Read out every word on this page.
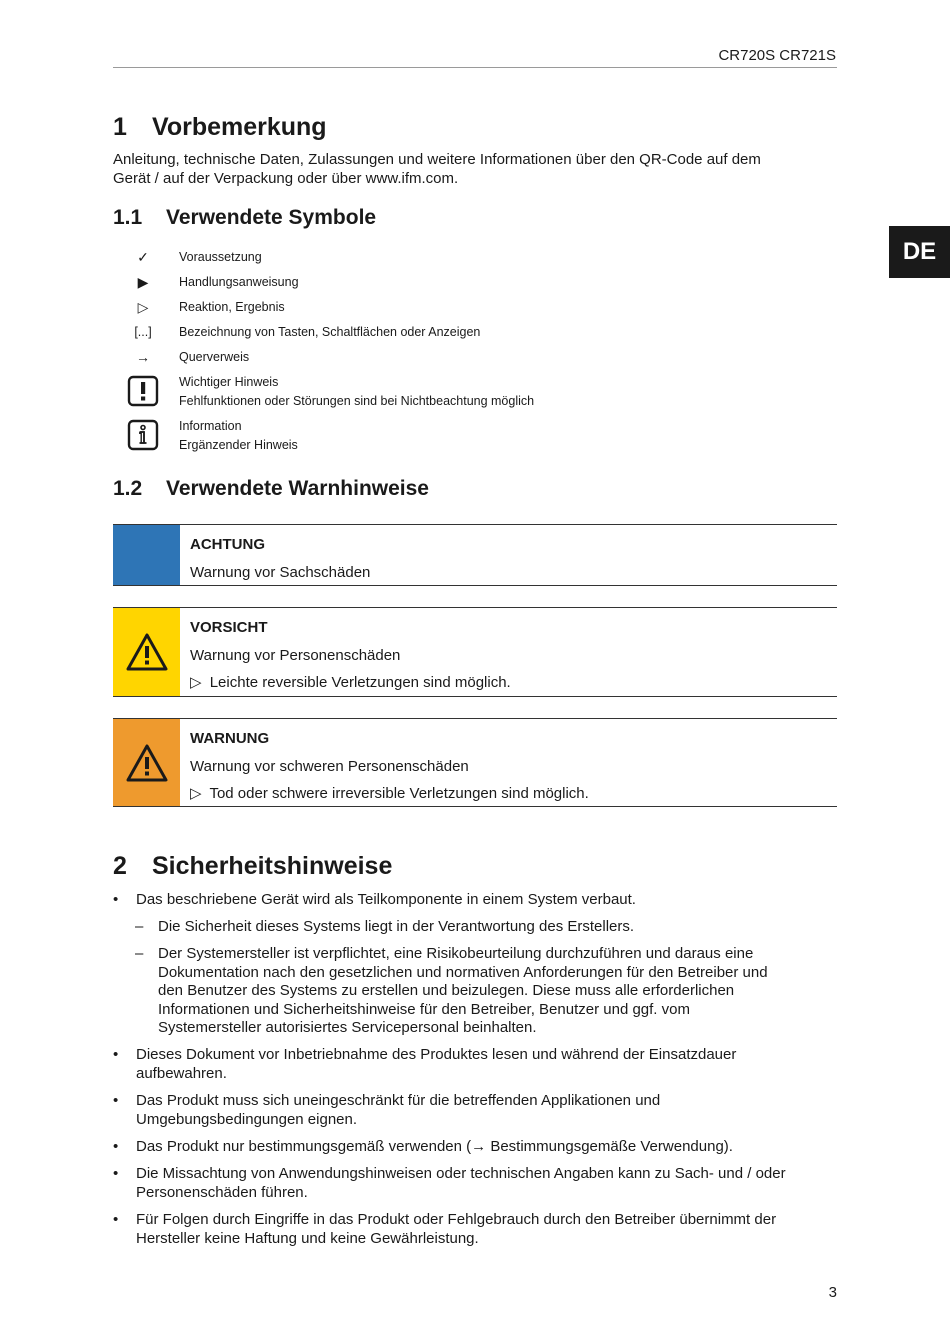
CR720S CR721S
DE
1 Vorbemerkung
Anleitung, technische Daten, Zulassungen und weitere Informationen über den QR-Code auf dem
Gerät / auf der Verpackung oder über www.ifm.com.
1.1 Verwendete Symbole
✓	Voraussetzung
▶	Handlungsanweisung
▷	Reaktion, Ergebnis
[...]	Bezeichnung von Tasten, Schaltflächen oder Anzeigen
→	Querverweis
Wichtiger Hinweis
Fehlfunktionen oder Störungen sind bei Nichtbeachtung möglich
Information
Ergänzender Hinweis
1.2 Verwendete Warnhinweise
ACHTUNG
Warnung vor Sachschäden
VORSICHT
Warnung vor Personenschäden
▷ Leichte reversible Verletzungen sind möglich.
WARNUNG
Warnung vor schweren Personenschäden
▷ Tod oder schwere irreversible Verletzungen sind möglich.
2 Sicherheitshinweise
•	Das beschriebene Gerät wird als Teilkomponente in einem System verbaut.
– Die Sicherheit dieses Systems liegt in der Verantwortung des Erstellers.
– Der Systemersteller ist verpflichtet, eine Risikobeurteilung durchzuführen und daraus eine
Dokumentation nach den gesetzlichen und normativen Anforderungen für den Betreiber und
den Benutzer des Systems zu erstellen und beizulegen. Diese muss alle erforderlichen
Informationen und Sicherheitshinweise für den Betreiber, Benutzer und ggf. vom
Systemersteller autorisiertes Servicepersonal beinhalten.
•	Dieses Dokument vor Inbetriebnahme des Produktes lesen und während der Einsatzdauer
aufbewahren.
•	Das Produkt muss sich uneingeschränkt für die betreffenden Applikationen und
Umgebungsbedingungen eignen.
•	Das Produkt nur bestimmungsgemäß verwenden (→ Bestimmungsgemäße Verwendung).
•	Die Missachtung von Anwendungshinweisen oder technischen Angaben kann zu Sach- und / oder
Personenschäden führen.
•	Für Folgen durch Eingriffe in das Produkt oder Fehlgebrauch durch den Betreiber übernimmt der
Hersteller keine Haftung und keine Gewährleistung.
3
